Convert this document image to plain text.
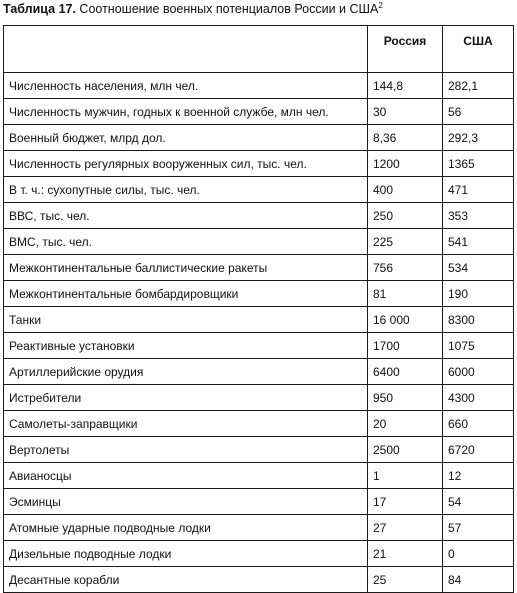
Таблица 17. Соотношение военных потенциалов России и США$^2$
	Россия	США
Численность населения, млн чел.	144,8	282,1
Численность мужчин, годных к военной службе, млн чел.	30	56
Военный бюджет, млрд дол.	8,36	292,3
Численность регулярных вооруженных сил, тыс. чел.	1200	1365
В т. ч.: сухопутные силы, тыс. чел.	400	471
ВВС, тыс. чел.	250	353
ВМС, тыс. чел.	225	541
Межконтинентальные баллистические ракеты	756	534
Межконтинентальные бомбардировщики	81	190
Танки	16 000	8300
Реактивные установки	1700	1075
Артиллерийские орудия	6400	6000
Истребители	950	4300
Самолеты-заправщики	20	660
Вертолеты	2500	6720
Авианосцы	1	12
Эсминцы	17	54
Атомные ударные подводные лодки	27	57
Дизельные подводные лодки	21	0
Десантные корабли	25	84
